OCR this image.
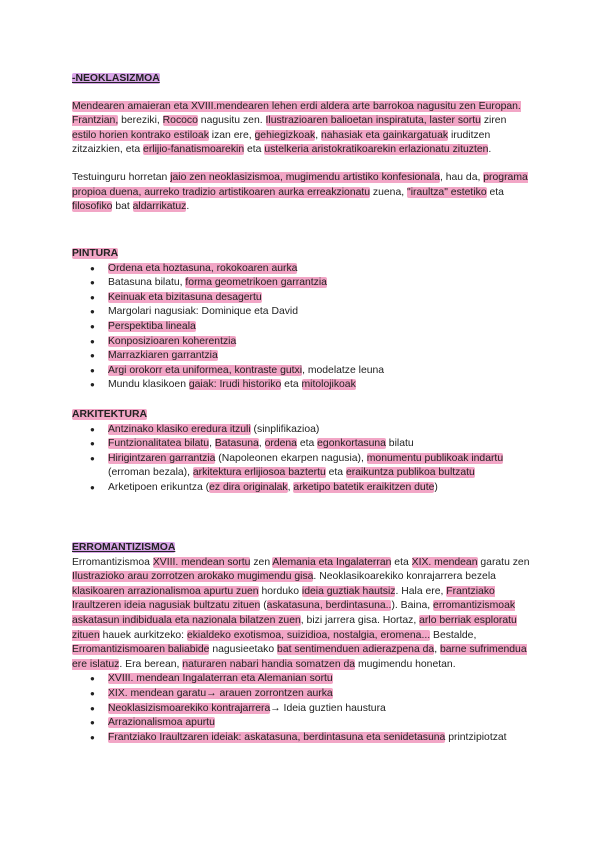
-NEOKLASIZMOA

Mendearen amaieran eta XVIII.mendearen lehen erdi aldera arte barrokoa nagusitu zen Europan. Frantzian, bereziki, Rococo nagusitu zen. Ilustrazioaren balioetan inspiratuta, laster sortu ziren estilo horien kontrako estiloak izan ere, gehiegizkoak, nahasiak eta gainkargatuak iruditzen zitzaizkien, eta erlijio-fanatismoarekin eta ustelkeria aristokratikoarekin erlazionatu zituzten.

Testuinguru horretan jaio zen neoklasizismoa, mugimendu artistiko konfesionala, hau da, programa propioa duena, aurreko tradizio artistikoaren aurka erreakzionatu zuena, "iraultza" estetiko eta filosofiko bat aldarrikatuz.

PINTURA

● Ordena eta hoztasuna, rokokoaren aurka
● Batasuna bilatu, forma geometrikoen garrantzia
● Keinuak eta bizitasuna desagertu
● Margolari nagusiak: Dominique eta David
● Perspektiba lineala
● Konposizioaren koherentzia
● Marrazkiaren garrantzia
● Argi orokorr eta uniformea, kontraste gutxi, modelatze leuna
● Mundu klasikoen gaiak: Irudi historiko eta mitolojikoak

ARKITEKTURA

● Antzinako klasiko eredura itzuli (sinplifikazioa)
● Funtzionalitatea bilatu, Batasuna, ordena eta egonkortasuna bilatu
● Hirigintzaren garrantzia (Napoleonen ekarpen nagusia), monumentu publikoak indartu (erroman bezala), arkitektura erlijiosoa baztertu eta eraikuntza publikoa bultzatu
● Arketipoen erikuntza (ez dira originalak, arketipo batetik eraikitzen dute)

ERROMANTIZISMOA

Erromantizismoa XVIII. mendean sortu zen Alemania eta Ingalaterran eta XIX. mendean garatu zen Ilustrazioko arau zorrotzen arokako mugimendu gisa. Neoklasikoarekiko konrajarrera bezela klasikoaren arrazionalismoa apurtu zuen horduko ideia guztiak hautsiz. Hala ere, Frantziako Iraultzeren ideia nagusiak bultzatu zituen (askatasuna, berdintasuna..). Baina, erromantizismoak askatasun indibiduala eta nazionala bilatzen zuen, bizi jarrera gisa. Hortaz, arlo berriak esploratu zituen hauek aurkitzeko: ekialdeko exotismoa, suizidioa, nostalgia, eromena... Bestalde, Erromantizismoaren baliabide nagusieetako bat sentimenduen adierazpena da, barne sufrimendua ere islatuz. Era berean, naturaren nabari handia somatzen da mugimendu honetan.

● XVIII. mendean Ingalaterran eta Alemanian sortu
● XIX. mendean garatu→ arauen zorrontzen aurka
● Neoklasizismoarekiko kontrajarrera→ Ideia guztien haustura
● Arrazionalismoa apurtu
● Frantziako Iraultzaren ideiak: askatasuna, berdintasuna eta senidetasuna printzipiotzat
